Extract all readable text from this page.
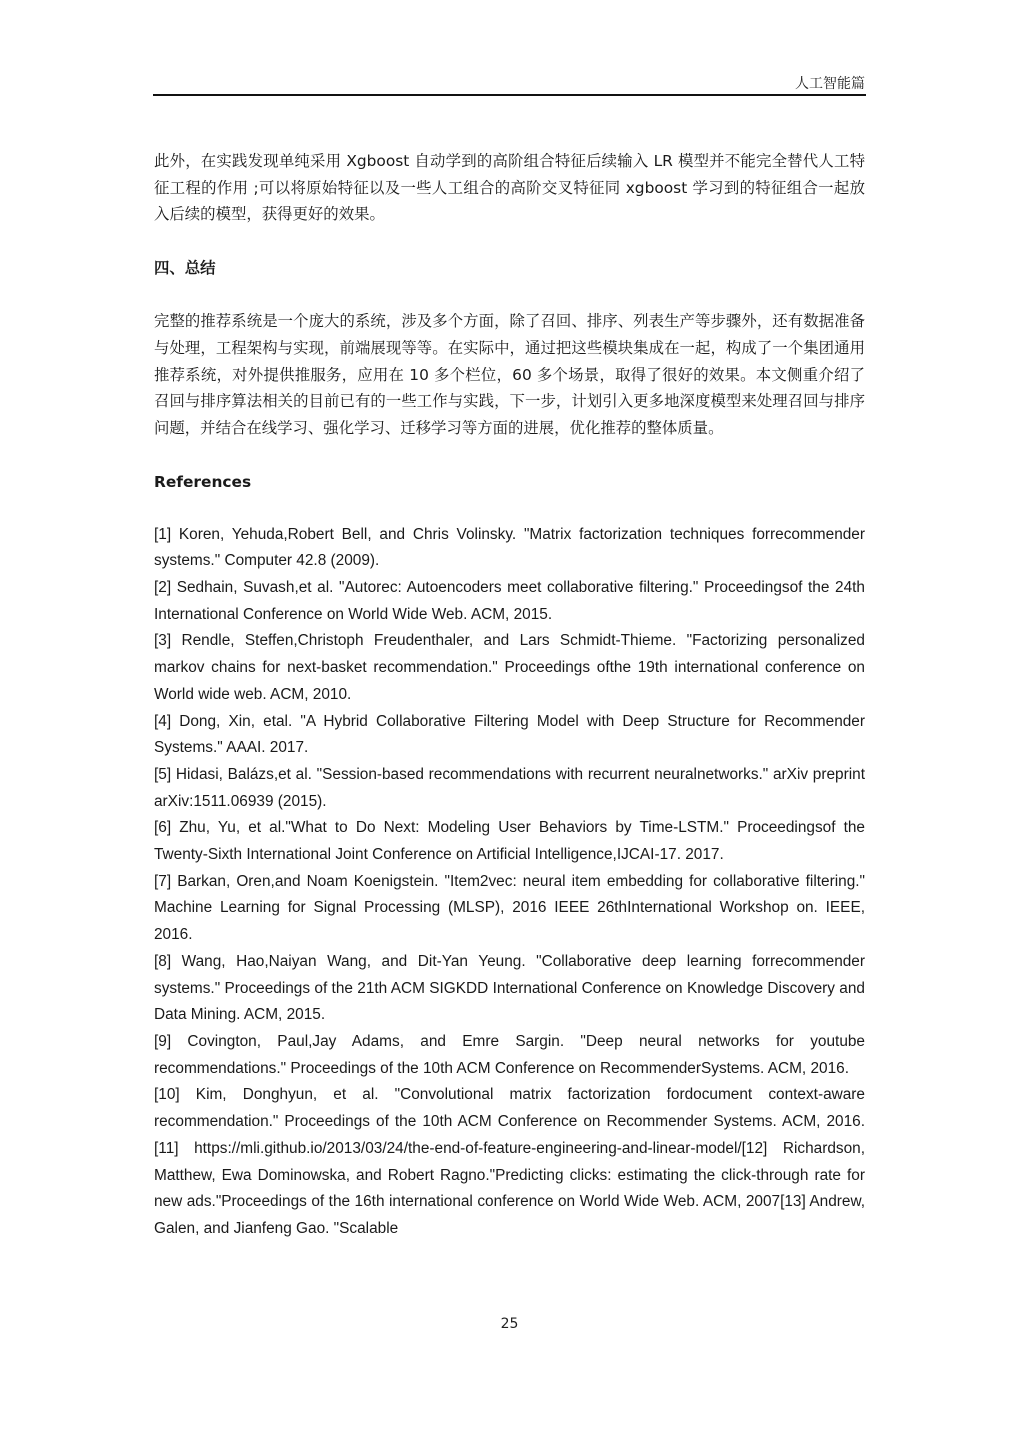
人工智能篇

此外，在实践发现单纯采用 Xgboost 自动学到的高阶组合特征后续输入 LR 模型并不能完全替代人工特征工程的作用 ;可以将原始特征以及一些人工组合的高阶交叉特征同 xgboost 学习到的特征组合一起放入后续的模型，获得更好的效果。

四、总结

完整的推荐系统是一个庞大的系统，涉及多个方面，除了召回、排序、列表生产等步骤外，还有数据准备与处理，工程架构与实现，前端展现等等。在实际中，通过把这些模块集成在一起，构成了一个集团通用推荐系统，对外提供推服务，应用在 10 多个栏位，60 多个场景，取得了很好的效果。本文侧重介绍了召回与排序算法相关的目前已有的一些工作与实践，下一步，计划引入更多地深度模型来处理召回与排序问题，并结合在线学习、强化学习、迁移学习等方面的进展，优化推荐的整体质量。

References

[1] Koren, Yehuda,Robert Bell, and Chris Volinsky. "Matrix factorization techniques forrecommender systems." Computer 42.8 (2009).

[2] Sedhain, Suvash,et al. "Autorec: Autoencoders meet collaborative filtering." Proceedingsof the 24th International Conference on World Wide Web. ACM, 2015.

[3] Rendle, Steffen,Christoph Freudenthaler, and Lars Schmidt-Thieme. "Factorizing personalized markov chains for next-basket recommendation." Proceedings ofthe 19th international conference on World wide web. ACM, 2010.

[4] Dong, Xin, etal. "A Hybrid Collaborative Filtering Model with Deep Structure for Recommender Systems." AAAI. 2017.

[5] Hidasi, Balázs,et al. "Session-based recommendations with recurrent neuralnetworks." arXiv preprint arXiv:1511.06939 (2015).

[6] Zhu, Yu, et al."What to Do Next: Modeling User Behaviors by Time-LSTM." Proceedingsof the Twenty-Sixth International Joint Conference on Artificial Intelligence,IJCAI-17. 2017.

[7] Barkan, Oren,and Noam Koenigstein. "Item2vec: neural item embedding for collaborative filtering." Machine Learning for Signal Processing (MLSP), 2016 IEEE 26thInternational Workshop on. IEEE, 2016.

[8] Wang, Hao,Naiyan Wang, and Dit-Yan Yeung. "Collaborative deep learning forrecommender systems." Proceedings of the 21th ACM SIGKDD International Conference on Knowledge Discovery and Data Mining. ACM, 2015.

[9] Covington, Paul,Jay Adams, and Emre Sargin. "Deep neural networks for youtube recommendations." Proceedings of the 10th ACM Conference on RecommenderSystems. ACM, 2016.

[10] Kim, Donghyun, et al. "Convolutional matrix factorization fordocument context-aware recommendation." Proceedings of the 10th ACM Conference on Recommender Systems. ACM, 2016.[11] https://mli.github.io/2013/03/24/the-end-of-feature-engineering-and-linear-model/[12] Richardson, Matthew, Ewa Dominowska, and Robert Ragno."Predicting clicks: estimating the click-through rate for new ads."Proceedings of the 16th international conference on World Wide Web. ACM, 2007[13] Andrew, Galen, and Jianfeng Gao. "Scalable

25
